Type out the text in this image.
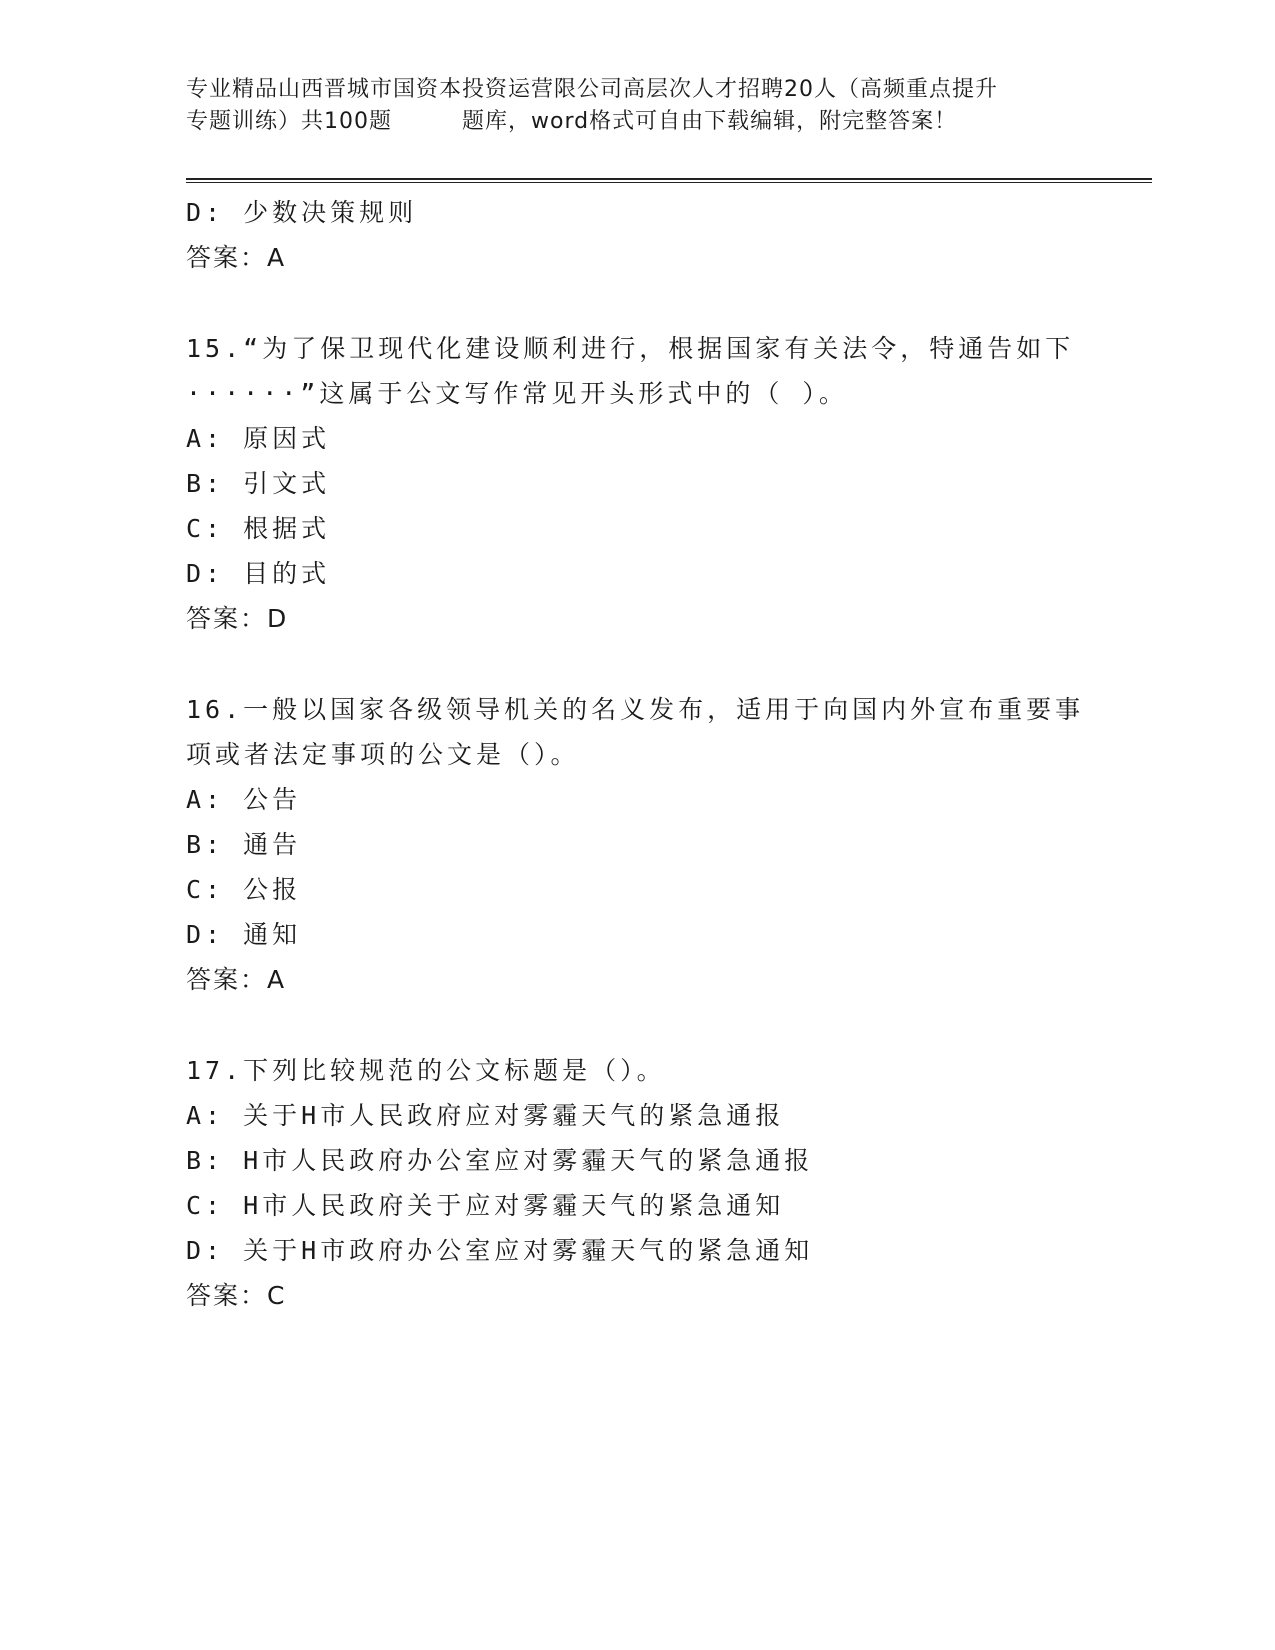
专业精品山西晋城市国资本投资运营限公司高层次人才招聘20人（高频重点提升
专题训练）共100题	题库，word格式可自由下载编辑，附完整答案！
D: 少数决策规则
答案：A
15.“为了保卫现代化建设顺利进行，根据国家有关法令，特通告如下
······”这属于公文写作常见开头形式中的（ ）。
A: 原因式
B: 引文式
C: 根据式
D: 目的式
答案：D
16.一般以国家各级领导机关的名义发布，适用于向国内外宣布重要事
项或者法定事项的公文是（）。
A: 公告
B: 通告
C: 公报
D: 通知
答案：A
17.下列比较规范的公文标题是（）。
A: 关于H市人民政府应对雾霾天气的紧急通报
B: H市人民政府办公室应对雾霾天气的紧急通报
C: H市人民政府关于应对雾霾天气的紧急通知
D: 关于H市政府办公室应对雾霾天气的紧急通知
答案：C
